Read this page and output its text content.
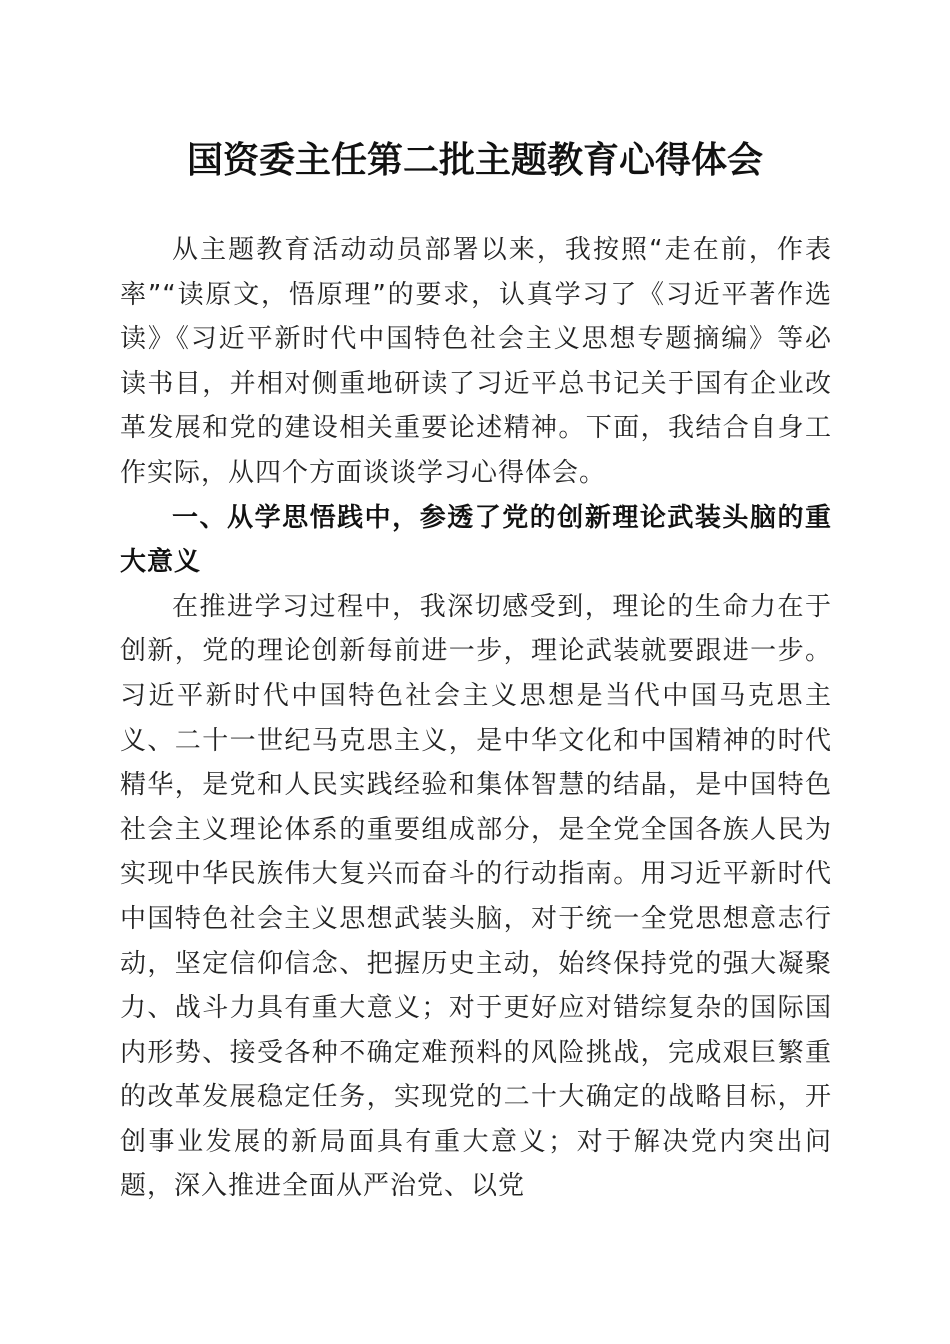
国资委主任第二批主题教育心得体会

从主题教育活动动员部署以来，我按照“走在前，作表率”“读原文，悟原理”的要求，认真学习了《习近平著作选读》《习近平新时代中国特色社会主义思想专题摘编》等必读书目，并相对侧重地研读了习近平总书记关于国有企业改革发展和党的建设相关重要论述精神。下面，我结合自身工作实际，从四个方面谈谈学习心得体会。

一、从学思悟践中，参透了党的创新理论武装头脑的重大意义

在推进学习过程中，我深切感受到，理论的生命力在于创新，党的理论创新每前进一步，理论武装就要跟进一步。习近平新时代中国特色社会主义思想是当代中国马克思主义、二十一世纪马克思主义，是中华文化和中国精神的时代精华，是党和人民实践经验和集体智慧的结晶，是中国特色社会主义理论体系的重要组成部分，是全党全国各族人民为实现中华民族伟大复兴而奋斗的行动指南。用习近平新时代中国特色社会主义思想武装头脑，对于统一全党思想意志行动，坚定信仰信念、把握历史主动，始终保持党的强大凝聚力、战斗力具有重大意义；对于更好应对错综复杂的国际国内形势、接受各种不确定难预料的风险挑战，完成艰巨繁重的改革发展稳定任务，实现党的二十大确定的战略目标，开创事业发展的新局面具有重大意义；对于解决党内突出问题，深入推进全面从严治党、以党
